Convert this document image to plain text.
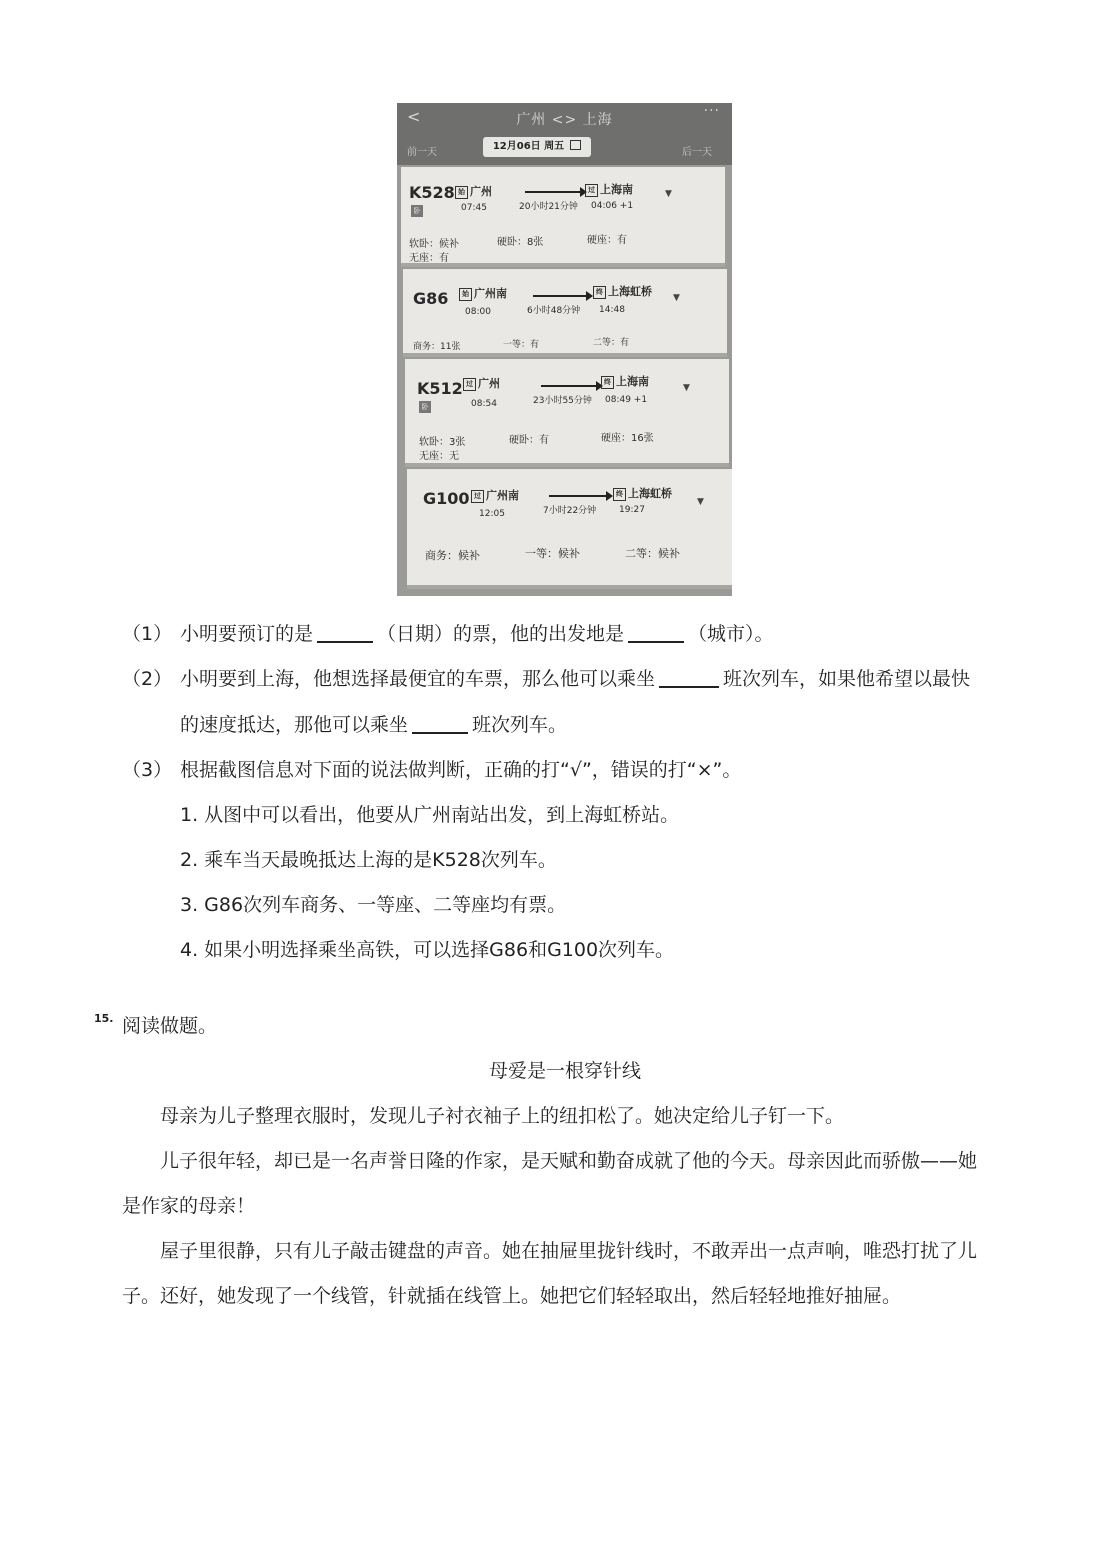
<	广州 <> 上海
···
前一天
12月06日 周五
后一天
K528
卧
始 广州
07:45	20小时21分钟
过 上海南
04:06 +1
▼
软卧：候补	硬卧：8张	硬座：有
无座：有
G86	始 广州南
08:00	6小时48分钟
终 上海虹桥
14:48
▼
商务：11张	一等：有	二等：有
K512
卧
过 广州
08:54	23小时55分钟
终 上海南
08:49 +1
▼
软卧：3张	硬卧：有	硬座：16张
无座：无
G100 过 广州南
12:05	7小时22分钟
终 上海虹桥
19:27
▼
商务：候补	一等：候补	二等：候补
（1） 小明要预订的是	（日期）的票，他的出发地是	（城市）。
（2） 小明要到上海，他想选择最便宜的车票，那么他可以乘坐	班次列车，如果他希望以最快
的速度抵达，那他可以乘坐	班次列车。
（3） 根据截图信息对下面的说法做判断，正确的打“√”，错误的打“×”。
1. 从图中可以看出，他要从广州南站出发，到上海虹桥站。
2. 乘车当天最晚抵达上海的是K528次列车。
3. G86次列车商务、一等座、二等座均有票。
4. 如果小明选择乘坐高铁，可以选择G86和G100次列车。
15. 阅读做题。
母爱是一根穿针线
母亲为儿子整理衣服时，发现儿子衬衣袖子上的纽扣松了。她决定给儿子钉一下。
儿子很年轻，却已是一名声誉日隆的作家，是天赋和勤奋成就了他的今天。母亲因此而骄傲——她
是作家的母亲！
屋子里很静，只有儿子敲击键盘的声音。她在抽屉里拢针线时，不敢弄出一点声响，唯恐打扰了儿
子。还好，她发现了一个线管，针就插在线管上。她把它们轻轻取出，然后轻轻地推好抽屉。
